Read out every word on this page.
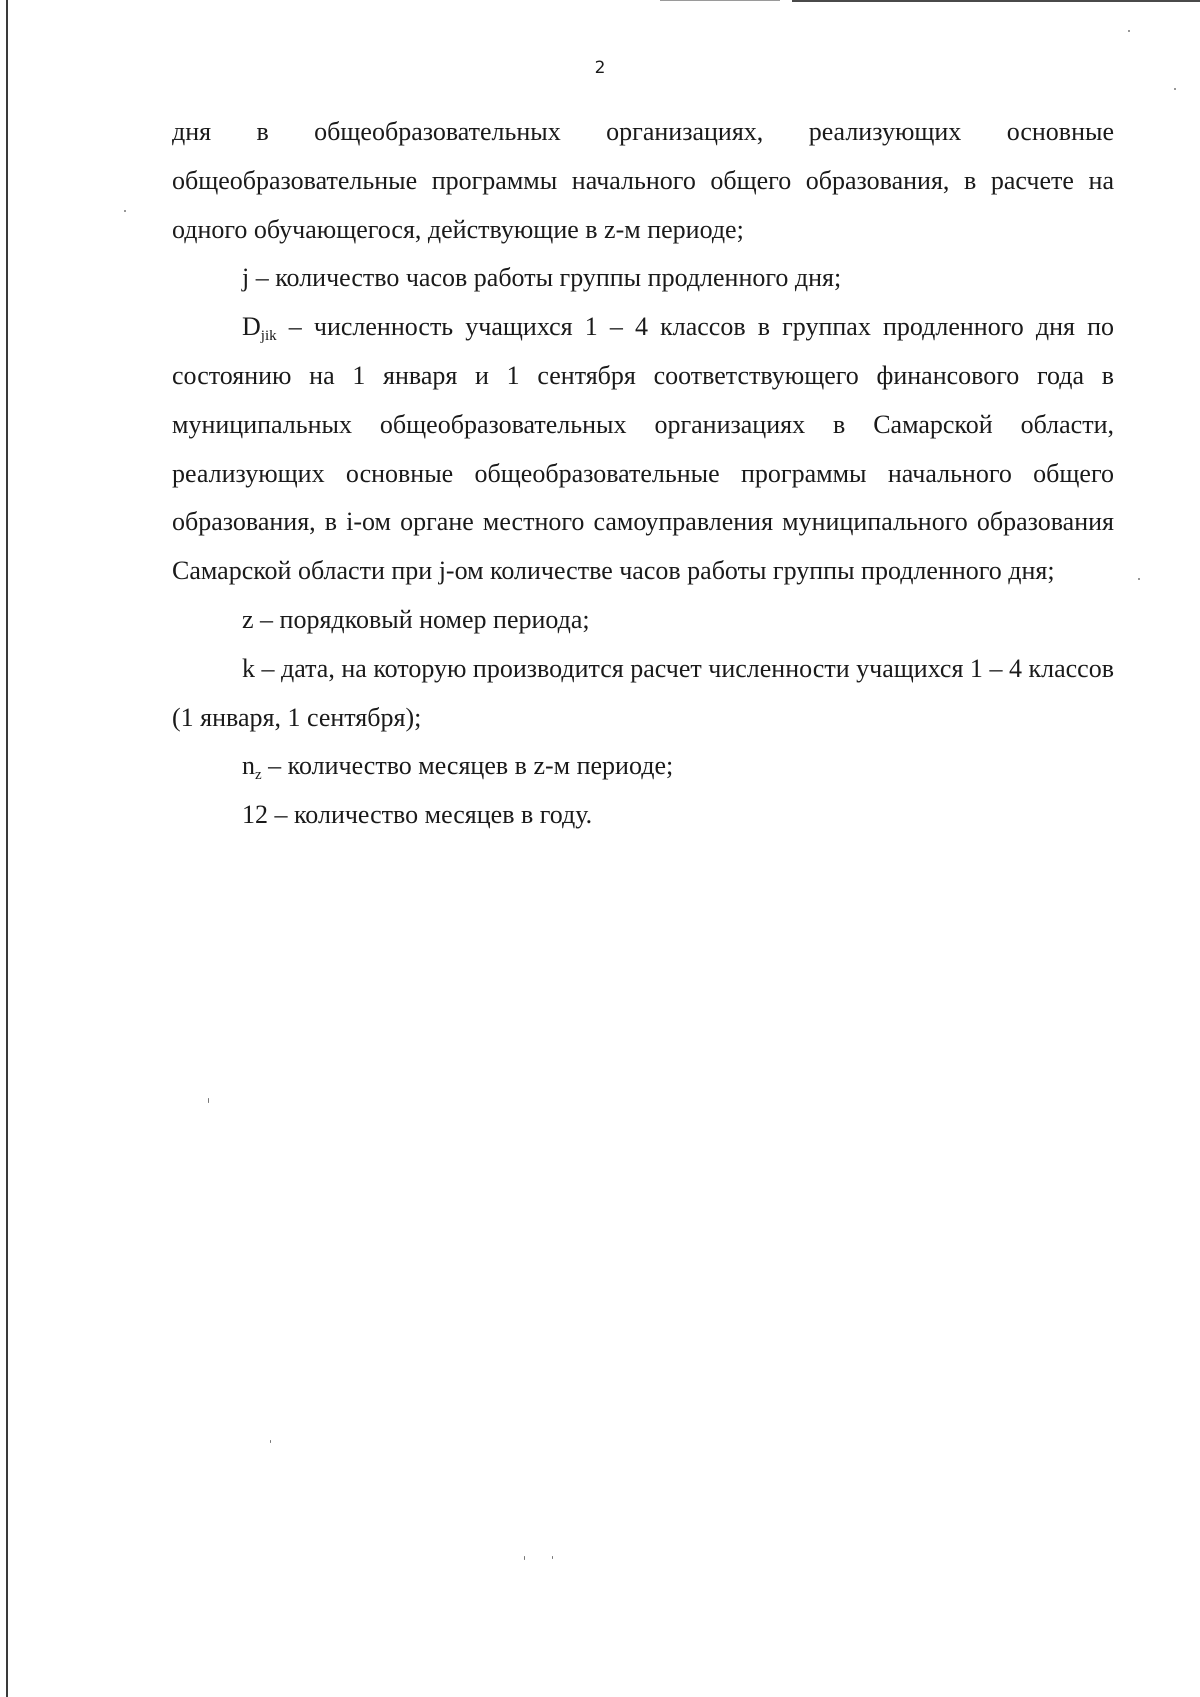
2

дня в общеобразовательных организациях, реализующих основные общеобразовательные программы начального общего образования, в расчете на одного обучающегося, действующие в z-м периоде;

j – количество часов работы группы продленного дня;

$D_{jik}$ – численность учащихся 1 – 4 классов в группах продленного дня по состоянию на 1 января и 1 сентября соответствующего финансового года в муниципальных общеобразовательных организациях в Самарской области, реализующих основные общеобразовательные программы начального общего образования, в i-ом органе местного самоуправления муниципального образования Самарской области при j-ом количестве часов работы группы продленного дня;

z – порядковый номер периода;

k – дата, на которую производится расчет численности учащихся 1 – 4 классов (1 января, 1 сентября);

$n_z$ – количество месяцев в z-м периоде;

12 – количество месяцев в году.
